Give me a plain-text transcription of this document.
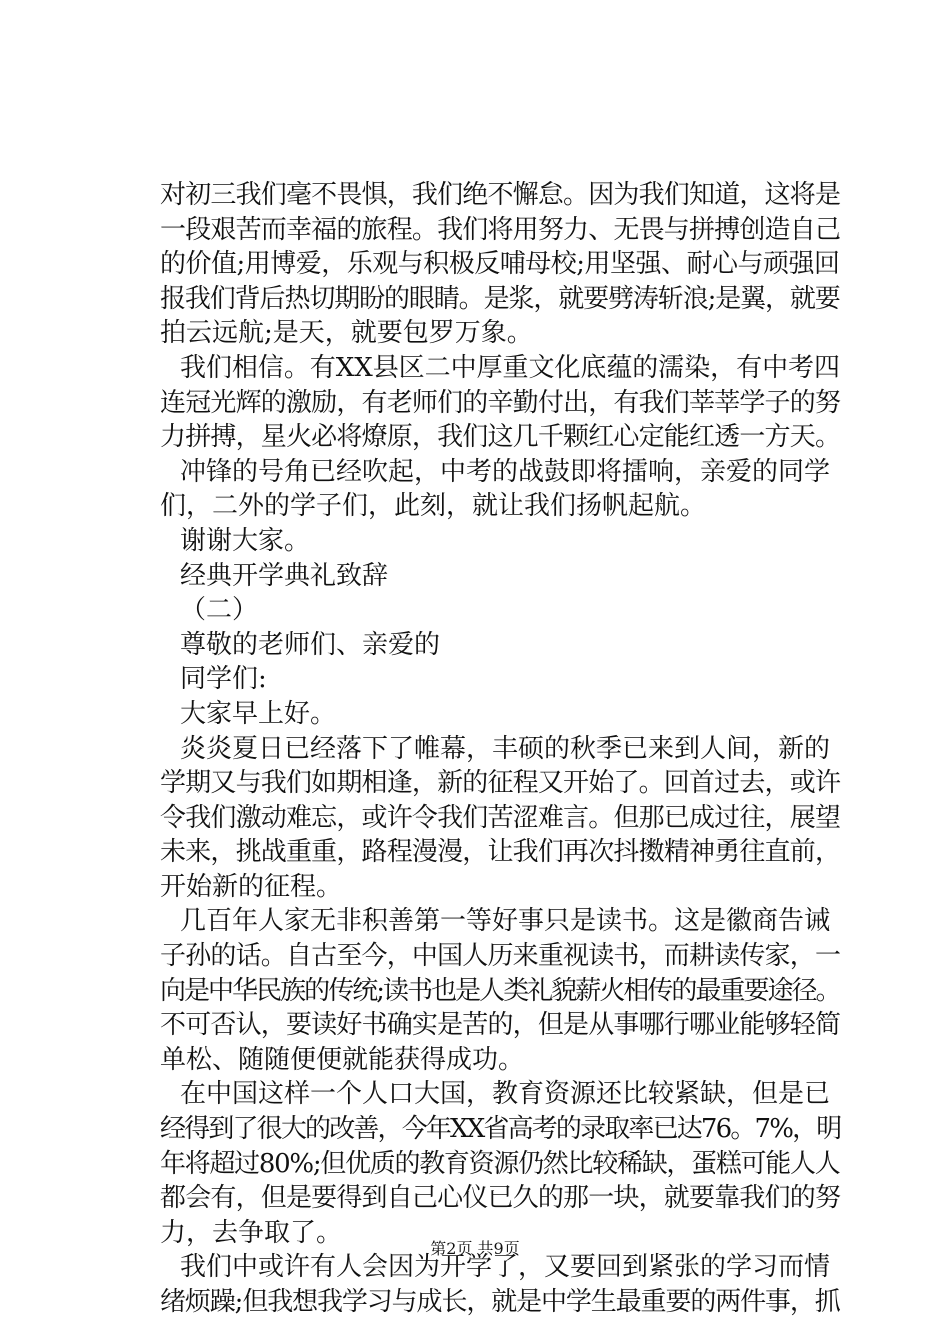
对初三我们毫不畏惧，我们绝不懈怠。因为我们知道，这将是
一段艰苦而幸福的旅程。我们将用努力、无畏与拼搏创造自己
的价值;用博爱，乐观与积极反哺母校;用坚强、耐心与顽强回
报我们背后热切期盼的眼睛。是浆，就要劈涛斩浪;是翼，就要
拍云远航;是天，就要包罗万象。
我们相信。有XX县区二中厚重文化底蕴的濡染，有中考四
连冠光辉的激励，有老师们的辛勤付出，有我们莘莘学子的努
力拼搏，星火必将燎原，我们这几千颗红心定能红透一方天。
冲锋的号角已经吹起，中考的战鼓即将擂响，亲爱的同学
们，二外的学子们，此刻，就让我们扬帆起航。
谢谢大家。
经典开学典礼致辞
（二）
尊敬的老师们、亲爱的
同学们:
大家早上好。
炎炎夏日已经落下了帷幕，丰硕的秋季已来到人间，新的
学期又与我们如期相逢，新的征程又开始了。回首过去，或许
令我们激动难忘，或许令我们苦涩难言。但那已成过往，展望
未来，挑战重重，路程漫漫，让我们再次抖擞精神勇往直前，
开始新的征程。
几百年人家无非积善第一等好事只是读书。这是徽商告诫
子孙的话。自古至今，中国人历来重视读书，而耕读传家，一
向是中华民族的传统;读书也是人类礼貌薪火相传的最重要途径。
不可否认，要读好书确实是苦的，但是从事哪行哪业能够轻简
单松、随随便便就能获得成功。
在中国这样一个人口大国，教育资源还比较紧缺，但是已
经得到了很大的改善，今年XX省高考的录取率已达76。7%，明
年将超过80%;但优质的教育资源仍然比较稀缺，蛋糕可能人人
都会有，但是要得到自己心仪已久的那一块，就要靠我们的努
力，去争取了。
我们中或许有人会因为开学了，又要回到紧张的学习而情
绪烦躁;但我想我学习与成长，就是中学生最重要的两件事，抓
第2页 共9页
